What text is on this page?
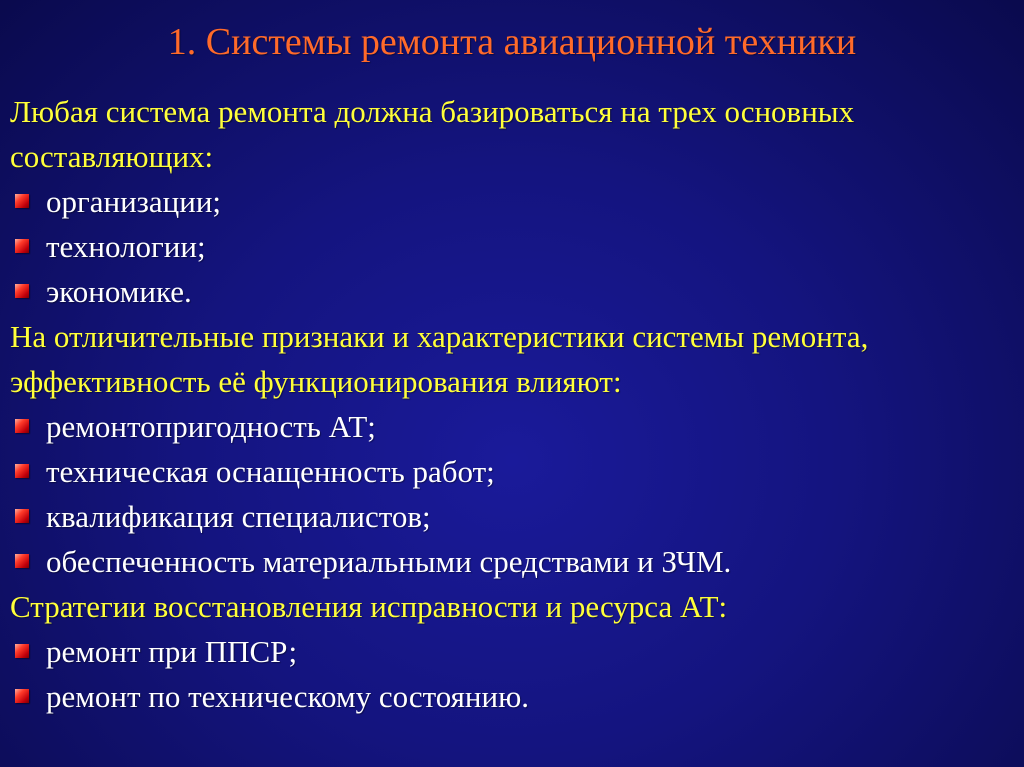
1. Системы ремонта авиационной техники
Любая система ремонта должна базироваться на трех основных составляющих:
организации;
технологии;
экономике.
На отличительные признаки и характеристики системы ремонта, эффективность её функционирования влияют:
ремонтопригодность АТ;
техническая оснащенность работ;
квалификация специалистов;
обеспеченность материальными средствами и ЗЧМ.
Стратегии восстановления исправности и ресурса АТ:
ремонт при ППСР;
ремонт по техническому состоянию.
